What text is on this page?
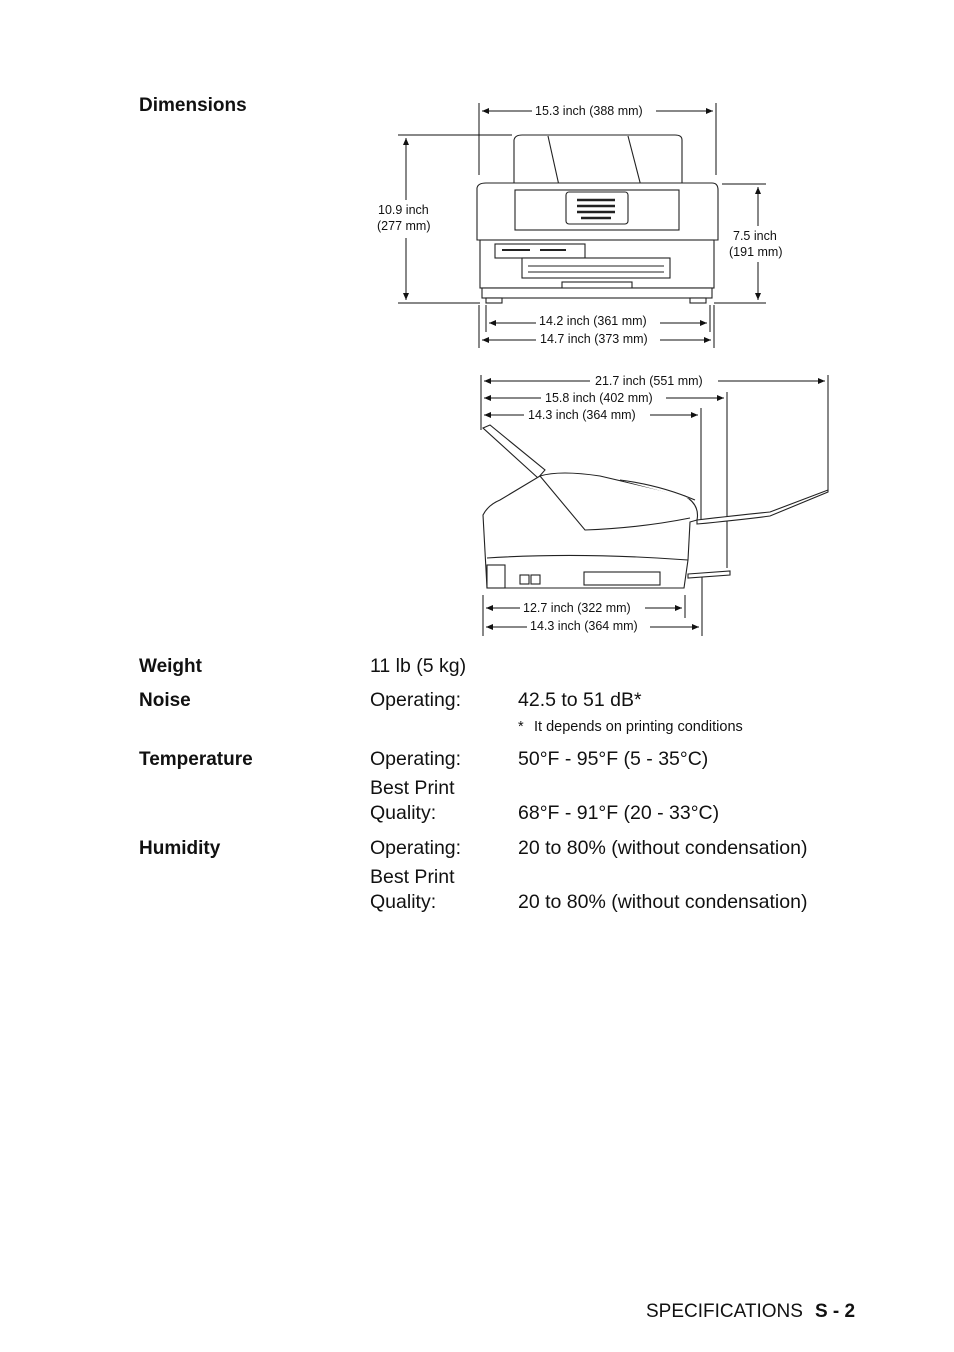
Dimensions	15.3 inch (388 mm)
10.9 inch
(277 mm)
7.5 inch
(191 mm)
14.2 inch (361 mm)
14.7 inch (373 mm)
21.7 inch (551 mm)
15.8 inch (402 mm)
14.3 inch (364 mm)
12.7 inch (322 mm)
14.3 inch (364 mm)
Weight	11 lb (5 kg)
Noise	Operating:	42.5 to 51 dB*
* It depends on printing conditions
Temperature	Operating:	50°F - 95°F (5 - 35°C)
Best Print
Quality:	68°F - 91°F (20 - 33°C)
Humidity	Operating:	20 to 80% (without condensation)
Best Print
Quality:	20 to 80% (without condensation)
SPECIFICATIONS S - 2
